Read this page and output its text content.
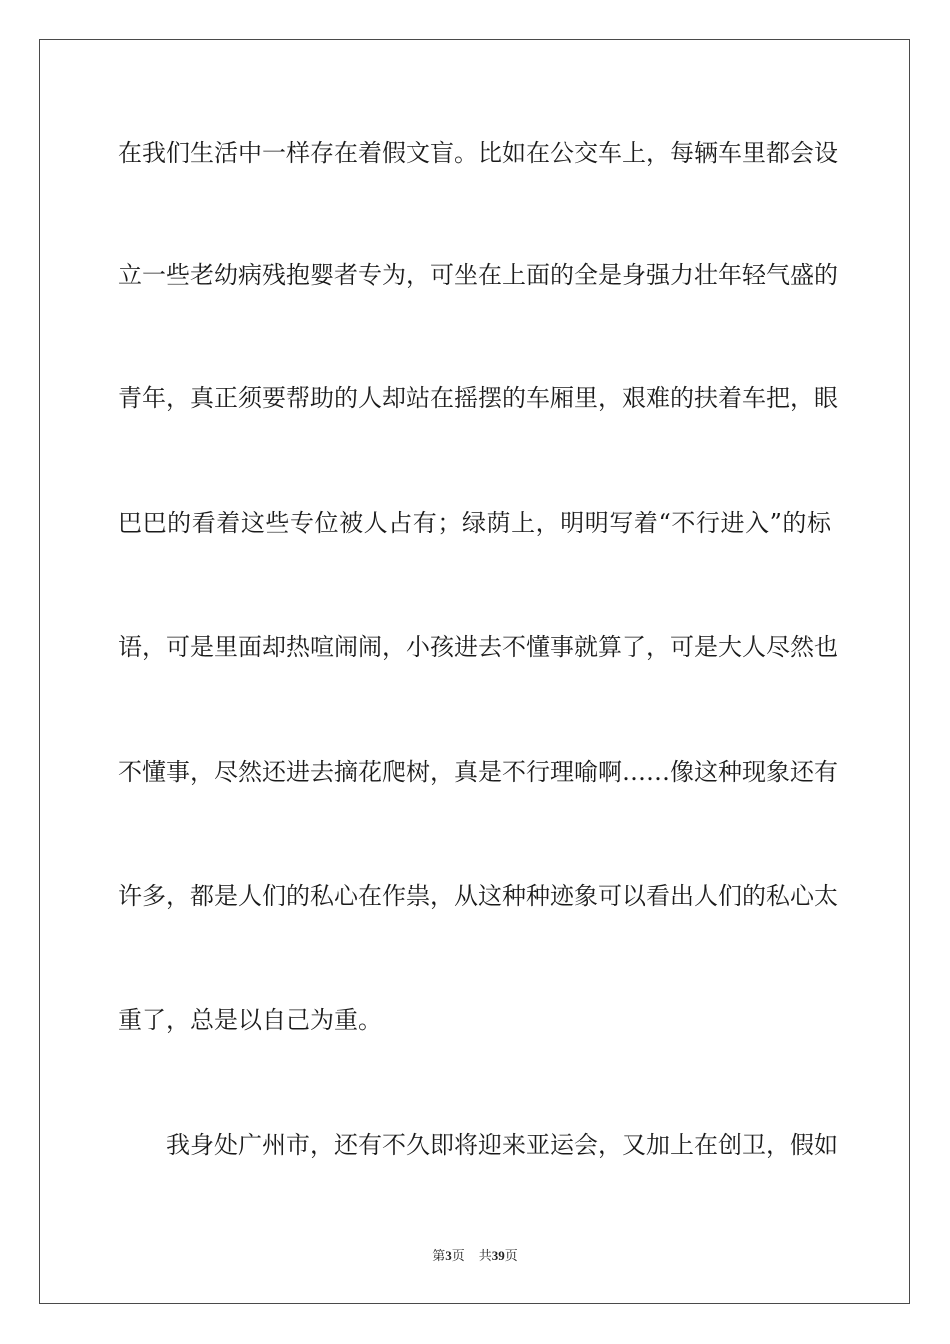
在我们生活中一样存在着假文盲。比如在公交车上，每辆车里都会设
立一些老幼病残抱婴者专为，可坐在上面的全是身强力壮年轻气盛的
青年，真正须要帮助的人却站在摇摆的车厢里，艰难的扶着车把，眼
巴巴的看着这些专位被人占有；绿荫上，明明写着“不行进入”的标
语，可是里面却热喧闹闹，小孩进去不懂事就算了，可是大人尽然也
不懂事，尽然还进去摘花爬树，真是不行理喻啊……像这种现象还有
许多，都是人们的私心在作祟，从这种种迹象可以看出人们的私心太
重了，总是以自己为重。
我身处广州市，还有不久即将迎来亚运会，又加上在创卫，假如
第3页 共39页
